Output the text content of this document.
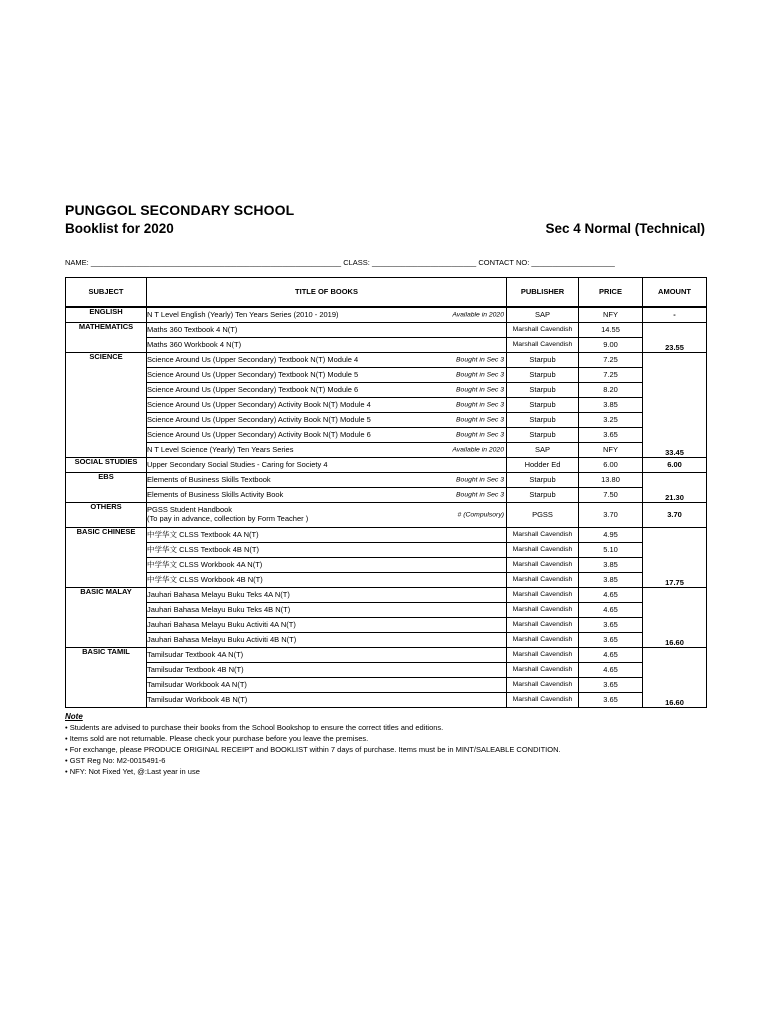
PUNGGOL SECONDARY SCHOOL
Booklist for 2020	Sec 4 Normal (Technical)
NAME: ____________________________________________________________ CLASS: _________________________ CONTACT NO: ____________________
SUBJECT	TITLE OF BOOKS	PUBLISHER	PRICE	AMOUNT
ENGLISH	N T Level English (Yearly) Ten Years Series (2010 - 2019) Available in 2020	SAP	NFY	-
MATHEMATICS	Maths 360 Textbook 4 N(T)	Marshall Cavendish	14.55	23.55
	Maths 360 Workbook 4 N(T)	Marshall Cavendish	9.00	
SCIENCE	Science Around Us (Upper Secondary) Textbook N(T) Module 4 Bought in Sec 3	Starpub	7.25	33.45
	Science Around Us (Upper Secondary) Textbook N(T) Module 5 Bought in Sec 3	Starpub	7.25	
	Science Around Us (Upper Secondary) Textbook N(T) Module 6 Bought in Sec 3	Starpub	8.20	
	Science Around Us (Upper Secondary) Activity Book N(T) Module 4 Bought in Sec 3	Starpub	3.85	
	Science Around Us (Upper Secondary) Activity Book N(T) Module 5 Bought in Sec 3	Starpub	3.25	
	Science Around Us (Upper Secondary) Activity Book N(T) Module 6 Bought in Sec 3	Starpub	3.65	
	N T Level Science (Yearly) Ten Years Series Available in 2020	SAP	NFY	
SOCIAL STUDIES	Upper Secondary Social Studies - Caring for Society 4	Hodder Ed	6.00	6.00
EBS	Elements of Business Skills Textbook Bought in Sec 3	Starpub	13.80	21.30
	Elements of Business Skills Activity Book Bought in Sec 3	Starpub	7.50	
OTHERS	PGSS Student Handbook
(To pay in advance, collection by Form Teacher ) # (Compulsory)	PGSS	3.70	3.70
BASIC CHINESE	中学华文 CLSS Textbook 4A N(T)	Marshall Cavendish	4.95	17.75
	中学华文 CLSS Textbook 4B N(T)	Marshall Cavendish	5.10	
	中学华文 CLSS Workbook 4A N(T)	Marshall Cavendish	3.85	
	中学华文 CLSS Workbook 4B N(T)	Marshall Cavendish	3.85	
BASIC MALAY	Jauhari Bahasa Melayu Buku Teks 4A N(T)	Marshall Cavendish	4.65	16.60
	Jauhari Bahasa Melayu Buku Teks 4B N(T)	Marshall Cavendish	4.65	
	Jauhari Bahasa Melayu Buku Activiti 4A N(T)	Marshall Cavendish	3.65	
	Jauhari Bahasa Melayu Buku Activiti 4B N(T)	Marshall Cavendish	3.65	
BASIC TAMIL	Tamilsudar Textbook 4A N(T)	Marshall Cavendish	4.65	16.60
	Tamilsudar Textbook 4B N(T)	Marshall Cavendish	4.65	
	Tamilsudar Workbook 4A N(T)	Marshall Cavendish	3.65	
	Tamilsudar Workbook 4B N(T)	Marshall Cavendish	3.65	
Note
• Students are advised to purchase their books from the School Bookshop to ensure the correct titles and editions.
• Items sold are not returnable. Please check your purchase before you leave the premises.
• For exchange, please PRODUCE ORIGINAL RECEIPT and BOOKLIST within 7 days of purchase. Items must be in MINT/SALEABLE CONDITION.
• GST Reg No: M2-0015491-6
• NFY: Not Fixed Yet, @:Last year in use
